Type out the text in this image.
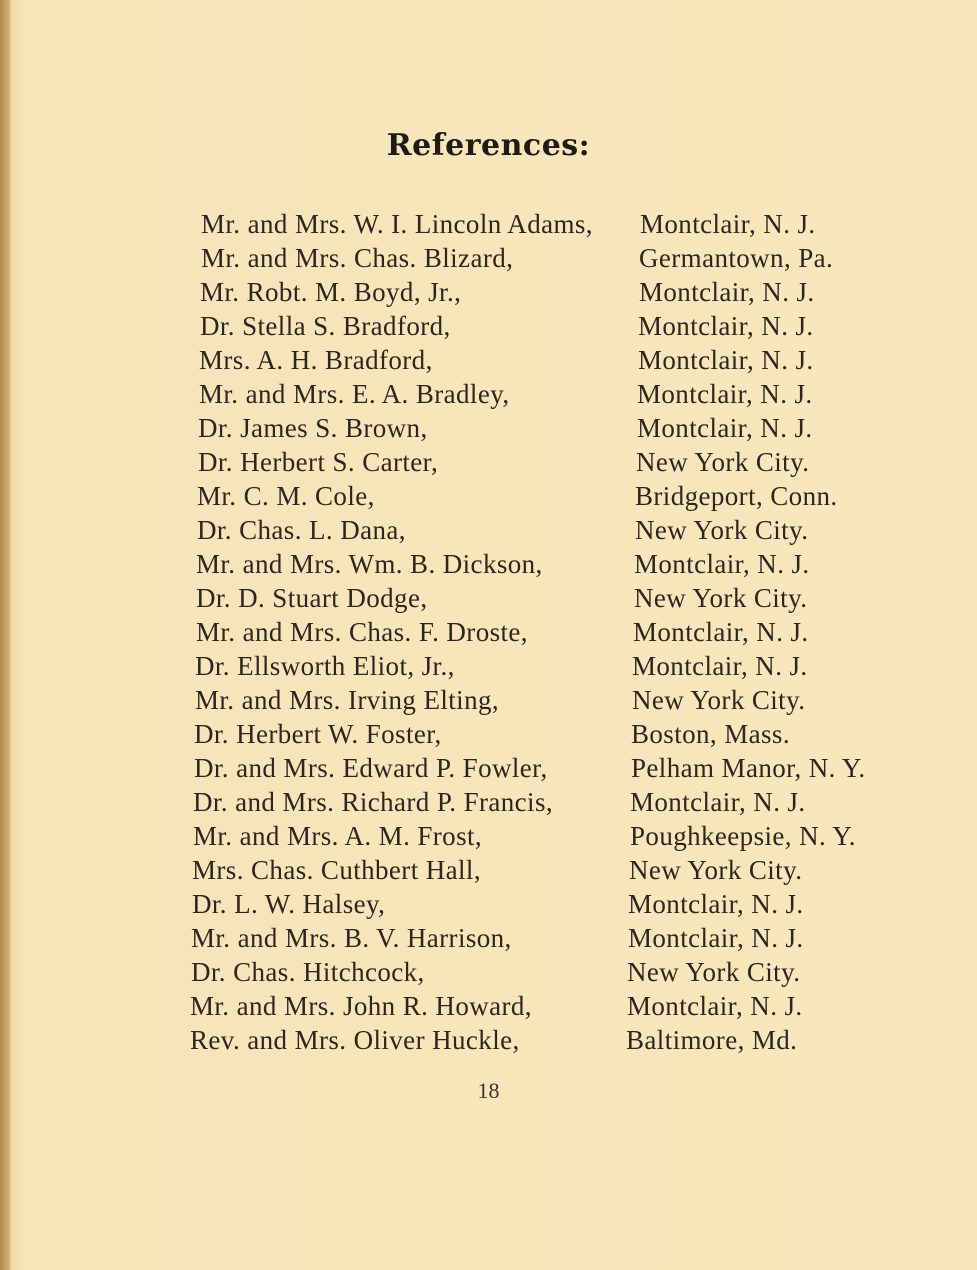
References:
Mr. and Mrs. W. I. Lincoln Adams, Montclair, N. J.
Mr. and Mrs. Chas. Blizard,	Germantown, Pa.
Mr. Robt. M. Boyd, Jr.,	Montclair, N. J.
Dr. Stella S. Bradford,	Montclair, N. J.
Mrs. A. H. Bradford,	Montclair, N. J.
Mr. and Mrs. E. A. Bradley,	Montclair, N. J.
Dr. James S. Brown,	Montclair, N. J.
Dr. Herbert S. Carter,	New York City.
Mr. C. M. Cole,	Bridgeport, Conn.
Dr. Chas. L. Dana,	New York City.
Mr. and Mrs. Wm. B. Dickson,	Montclair, N. J.
Dr. D. Stuart Dodge,	New York City.
Mr. and Mrs. Chas. F. Droste,	Montclair, N. J.
Dr. Ellsworth Eliot, Jr.,	Montclair, N. J.
Mr. and Mrs. Irving Elting,	New York City.
Dr. Herbert W. Foster,	Boston, Mass.
Dr. and Mrs. Edward P. Fowler,	Pelham Manor, N. Y.
Dr. and Mrs. Richard P. Francis,	Montclair, N. J.
Mr. and Mrs. A. M. Frost,	Poughkeepsie, N. Y.
Mrs. Chas. Cuthbert Hall,	New York City.
Dr. L. W. Halsey,	Montclair, N. J.
Mr. and Mrs. B. V. Harrison,	Montclair, N. J.
Dr. Chas. Hitchcock,	New York City.
Mr. and Mrs. John R. Howard,	Montclair, N. J.
Rev. and Mrs. Oliver Huckle,	Baltimore, Md.
18
